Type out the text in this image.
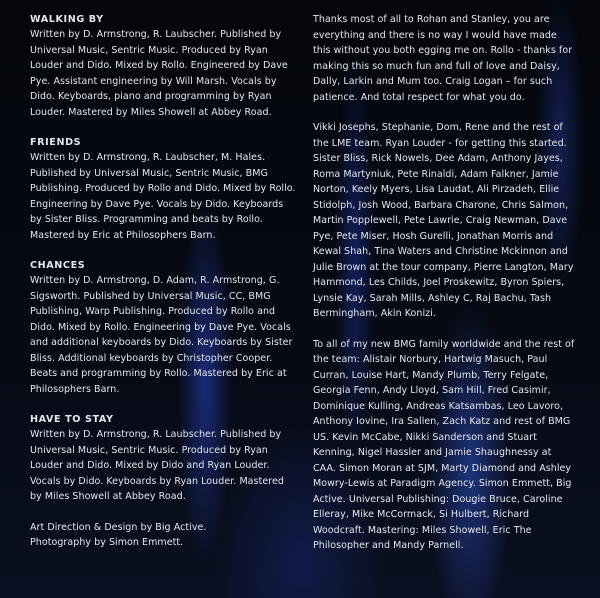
WALKING BY

Written by D. Armstrong, R. Laubscher. Published by Universal Music, Sentric Music. Produced by Ryan Louder and Dido. Mixed by Rollo. Engineered by Dave Pye. Assistant engineering by Will Marsh. Vocals by Dido. Keyboards, piano and programming by Ryan Louder. Mastered by Miles Showell at Abbey Road.

FRIENDS

Written by D. Armstrong, R. Laubscher, M. Hales. Published by Universal Music, Sentric Music, BMG Publishing. Produced by Rollo and Dido. Mixed by Rollo. Engineering by Dave Pye. Vocals by Dido. Keyboards by Sister Bliss. Programming and beats by Rollo. Mastered by Eric at Philosophers Barn.

CHANCES

Written by D. Armstrong, D. Adam, R. Armstrong, G. Sigsworth. Published by Universal Music, CC, BMG Publishing, Warp Publishing. Produced by Rollo and Dido. Mixed by Rollo. Engineering by Dave Pye. Vocals and additional keyboards by Dido. Keyboards by Sister Bliss. Additional keyboards by Christopher Cooper. Beats and programming by Rollo. Mastered by Eric at Philosophers Barn.

HAVE TO STAY

Written by D. Armstrong, R. Laubscher. Published by Universal Music, Sentric Music. Produced by Ryan Louder and Dido. Mixed by Dido and Ryan Louder. Vocals by Dido. Keyboards by Ryan Louder. Mastered by Miles Showell at Abbey Road.

Art Direction & Design by Big Active.

Photography by Simon Emmett.

Thanks most of all to Rohan and Stanley, you are everything and there is no way I would have made this without you both egging me on. Rollo - thanks for making this so much fun and full of love and Daisy, Dally, Larkin and Mum too. Craig Logan – for such patience. And total respect for what you do.

Vikki Josephs, Stephanie, Dom, Rene and the rest of the LME team. Ryan Louder - for getting this started. Sister Bliss, Rick Nowels, Dee Adam, Anthony Jayes, Roma Martyniuk, Pete Rinaldi, Adam Falkner, Jamie Norton, Keely Myers, Lisa Laudat, Ali Pirzadeh, Ellie Stidolph, Josh Wood, Barbara Charone, Chris Salmon, Martin Popplewell, Pete Lawrie, Craig Newman, Dave Pye, Pete Miser, Hosh Gurelli, Jonathan Morris and Kewal Shah, Tina Waters and Christine Mckinnon and Julie Brown at the tour company, Pierre Langton, Mary Hammond, Les Childs, Joel Proskewitz, Byron Spiers, Lynsie Kay, Sarah Mills, Ashley C, Raj Bachu, Tash Bermingham, Akin Konizi.

To all of my new BMG family worldwide and the rest of the team: Alistair Norbury, Hartwig Masuch, Paul Curran, Louise Hart, Mandy Plumb, Terry Felgate, Georgia Fenn, Andy Lloyd, Sam Hill, Fred Casimir, Dominique Kulling, Andreas Katsambas, Leo Lavoro, Anthony Iovine, Ira Sallen, Zach Katz and rest of BMG US. Kevin McCabe, Nikki Sanderson and Stuart Kenning, Nigel Hassler and Jamie Shaughnessy at CAA. Simon Moran at SJM, Marty Diamond and Ashley Mowry-Lewis at Paradigm Agency. Simon Emmett, Big Active. Universal Publishing: Dougie Bruce, Caroline Elleray, Mike McCormack, Si Hulbert, Richard Woodcraft. Mastering: Miles Showell, Eric The Philosopher and Mandy Parnell.
